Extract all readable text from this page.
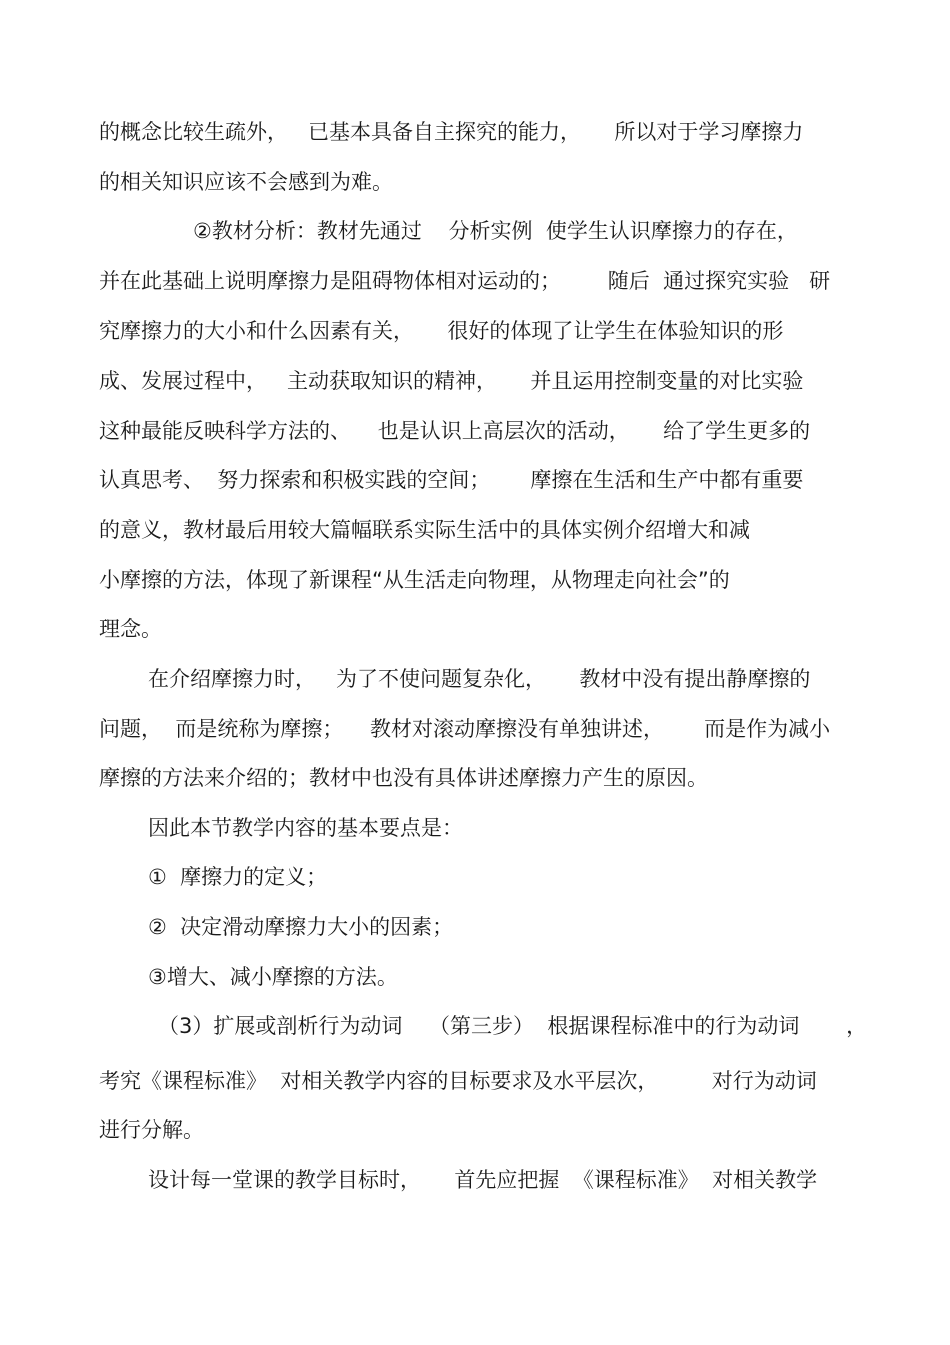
的概念比较生疏外，   已基本具备自主探究的能力，     所以对于学习摩擦力
的相关知识应该不会感到为难。
②教材分析：教材先通过    分析实例  使学生认识摩擦力的存在，
并在此基础上说明摩擦力是阻碍物体相对运动的；       随后  通过探究实验   研
究摩擦力的大小和什么因素有关，     很好的体现了让学生在体验知识的形
成、发展过程中，   主动获取知识的精神，     并且运用控制变量的对比实验
这种最能反映科学方法的、    也是认识上高层次的活动，     给了学生更多的
认真思考、  努力探索和积极实践的空间；      摩擦在生活和生产中都有重要
的意义，教材最后用较大篇幅联系实际生活中的具体实例介绍增大和减
小摩擦的方法，体现了新课程“从生活走向物理，从物理走向社会”的
理念。
在介绍摩擦力时，   为了不使问题复杂化，     教材中没有提出静摩擦的
问题，  而是统称为摩擦；    教材对滚动摩擦没有单独讲述，      而是作为减小
摩擦的方法来介绍的；教材中也没有具体讲述摩擦力产生的原因。
因此本节教学内容的基本要点是：
①  摩擦力的定义；
②  决定滑动摩擦力大小的因素；
③增大、减小摩擦的方法。
（3）扩展或剖析行为动词    （第三步）  根据课程标准中的行为动词       ，
考究《课程标准》  对相关教学内容的目标要求及水平层次，        对行为动词
进行分解。
设计每一堂课的教学目标时，     首先应把握  《课程标准》  对相关教学
